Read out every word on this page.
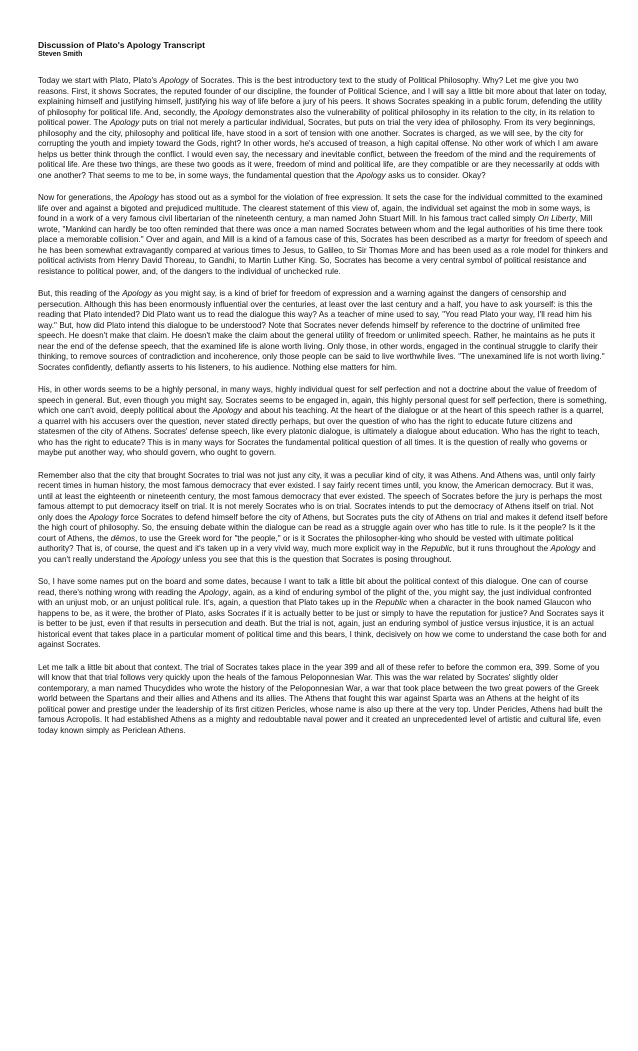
Discussion of Plato's Apology Transcript

Steven Smith

Today we start with Plato, Plato's Apology of Socrates. This is the best introductory text to the study of Political Philosophy. Why? Let me give you two reasons. First, it shows Socrates, the reputed founder of our discipline, the founder of Political Science, and I will say a little bit more about that later on today, explaining himself and justifying himself, justifying his way of life before a jury of his peers. It shows Socrates speaking in a public forum, defending the utility of philosophy for political life. And, secondly, the Apology demonstrates also the vulnerability of political philosophy in its relation to the city, in its relation to political power. The Apology puts on trial not merely a particular individual, Socrates, but puts on trial the very idea of philosophy. From its very beginnings, philosophy and the city, philosophy and political life, have stood in a sort of tension with one another. Socrates is charged, as we will see, by the city for corrupting the youth and impiety toward the Gods, right? In other words, he's accused of treason, a high capital offense. No other work of which I am aware helps us better think through the conflict. I would even say, the necessary and inevitable conflict, between the freedom of the mind and the requirements of political life. Are these two things, are these two goods as it were, freedom of mind and political life, are they compatible or are they necessarily at odds with one another? That seems to me to be, in some ways, the fundamental question that the Apology asks us to consider. Okay?

Now for generations, the Apology has stood out as a symbol for the violation of free expression. It sets the case for the individual committed to the examined life over and against a bigoted and prejudiced multitude. The clearest statement of this view of, again, the individual set against the mob in some ways, is found in a work of a very famous civil libertarian of the nineteenth century, a man named John Stuart Mill. In his famous tract called simply On Liberty, Mill wrote, "Mankind can hardly be too often reminded that there was once a man named Socrates between whom and the legal authorities of his time there took place a memorable collision." Over and again, and Mill is a kind of a famous case of this, Socrates has been described as a martyr for freedom of speech and he has been somewhat extravagantly compared at various times to Jesus, to Galileo, to Sir Thomas More and has been used as a role model for thinkers and political activists from Henry David Thoreau, to Gandhi, to Martin Luther King. So, Socrates has become a very central symbol of political resistance and resistance to political power, and, of the dangers to the individual of unchecked rule.

But, this reading of the Apology as you might say, is a kind of brief for freedom of expression and a warning against the dangers of censorship and persecution. Although this has been enormously influential over the centuries, at least over the last century and a half, you have to ask yourself: is this the reading that Plato intended? Did Plato want us to read the dialogue this way? As a teacher of mine used to say, "You read Plato your way, I'll read him his way." But, how did Plato intend this dialogue to be understood? Note that Socrates never defends himself by reference to the doctrine of unlimited free speech. He doesn't make that claim. He doesn't make the claim about the general utility of freedom or unlimited speech. Rather, he maintains as he puts it near the end of the defense speech, that the examined life is alone worth living. Only those, in other words, engaged in the continual struggle to clarify their thinking, to remove sources of contradiction and incoherence, only those people can be said to live worthwhile lives. "The unexamined life is not worth living." Socrates confidently, defiantly asserts to his listeners, to his audience. Nothing else matters for him.

His, in other words seems to be a highly personal, in many ways, highly individual quest for self perfection and not a doctrine about the value of freedom of speech in general. But, even though you might say, Socrates seems to be engaged in, again, this highly personal quest for self perfection, there is something, which one can't avoid, deeply political about the Apology and about his teaching. At the heart of the dialogue or at the heart of this speech rather is a quarrel, a quarrel with his accusers over the question, never stated directly perhaps, but over the question of who has the right to educate future citizens and statesmen of the city of Athens. Socrates' defense speech, like every platonic dialogue, is ultimately a dialogue about education. Who has the right to teach, who has the right to educate? This is in many ways for Socrates the fundamental political question of all times. It is the question of really who governs or maybe put another way, who should govern, who ought to govern.

Remember also that the city that brought Socrates to trial was not just any city, it was a peculiar kind of city, it was Athens. And Athens was, until only fairly recent times in human history, the most famous democracy that ever existed. I say fairly recent times until, you know, the American democracy. But it was, until at least the eighteenth or nineteenth century, the most famous democracy that ever existed. The speech of Socrates before the jury is perhaps the most famous attempt to put democracy itself on trial. It is not merely Socrates who is on trial. Socrates intends to put the democracy of Athens itself on trial. Not only does the Apology force Socrates to defend himself before the city of Athens, but Socrates puts the city of Athens on trial and makes it defend itself before the high court of philosophy. So, the ensuing debate within the dialogue can be read as a struggle again over who has title to rule. Is it the people? Is it the court of Athens, the dēmos, to use the Greek word for "the people," or is it Socrates the philosopher-king who should be vested with ultimate political authority? That is, of course, the quest and it's taken up in a very vivid way, much more explicit way in the Republic, but it runs throughout the Apology and you can't really understand the Apology unless you see that this is the question that Socrates is posing throughout.

So, I have some names put on the board and some dates, because I want to talk a little bit about the political context of this dialogue. One can of course read, there's nothing wrong with reading the Apology, again, as a kind of enduring symbol of the plight of the, you might say, the just individual confronted with an unjust mob, or an unjust political rule. It's, again, a question that Plato takes up in the Republic when a character in the book named Glaucon who happens to be, as it were, the brother of Plato, asks Socrates if it is actually better to be just or simply to have the reputation for justice? And Socrates says it is better to be just, even if that results in persecution and death. But the trial is not, again, just an enduring symbol of justice versus injustice, it is an actual historical event that takes place in a particular moment of political time and this bears, I think, decisively on how we come to understand the case both for and against Socrates.

Let me talk a little bit about that context. The trial of Socrates takes place in the year 399 and all of these refer to before the common era, 399. Some of you will know that that trial follows very quickly upon the heals of the famous Peloponnesian War. This was the war related by Socrates' slightly older contemporary, a man named Thucydides who wrote the history of the Peloponnesian War, a war that took place between the two great powers of the Greek world between the Spartans and their allies and Athens and its allies. The Athens that fought this war against Sparta was an Athens at the height of its political power and prestige under the leadership of its first citizen Pericles, whose name is also up there at the very top. Under Pericles, Athens had built the famous Acropolis. It had established Athens as a mighty and redoubtable naval power and it created an unprecedented level of artistic and cultural life, even today known simply as Periclean Athens.
